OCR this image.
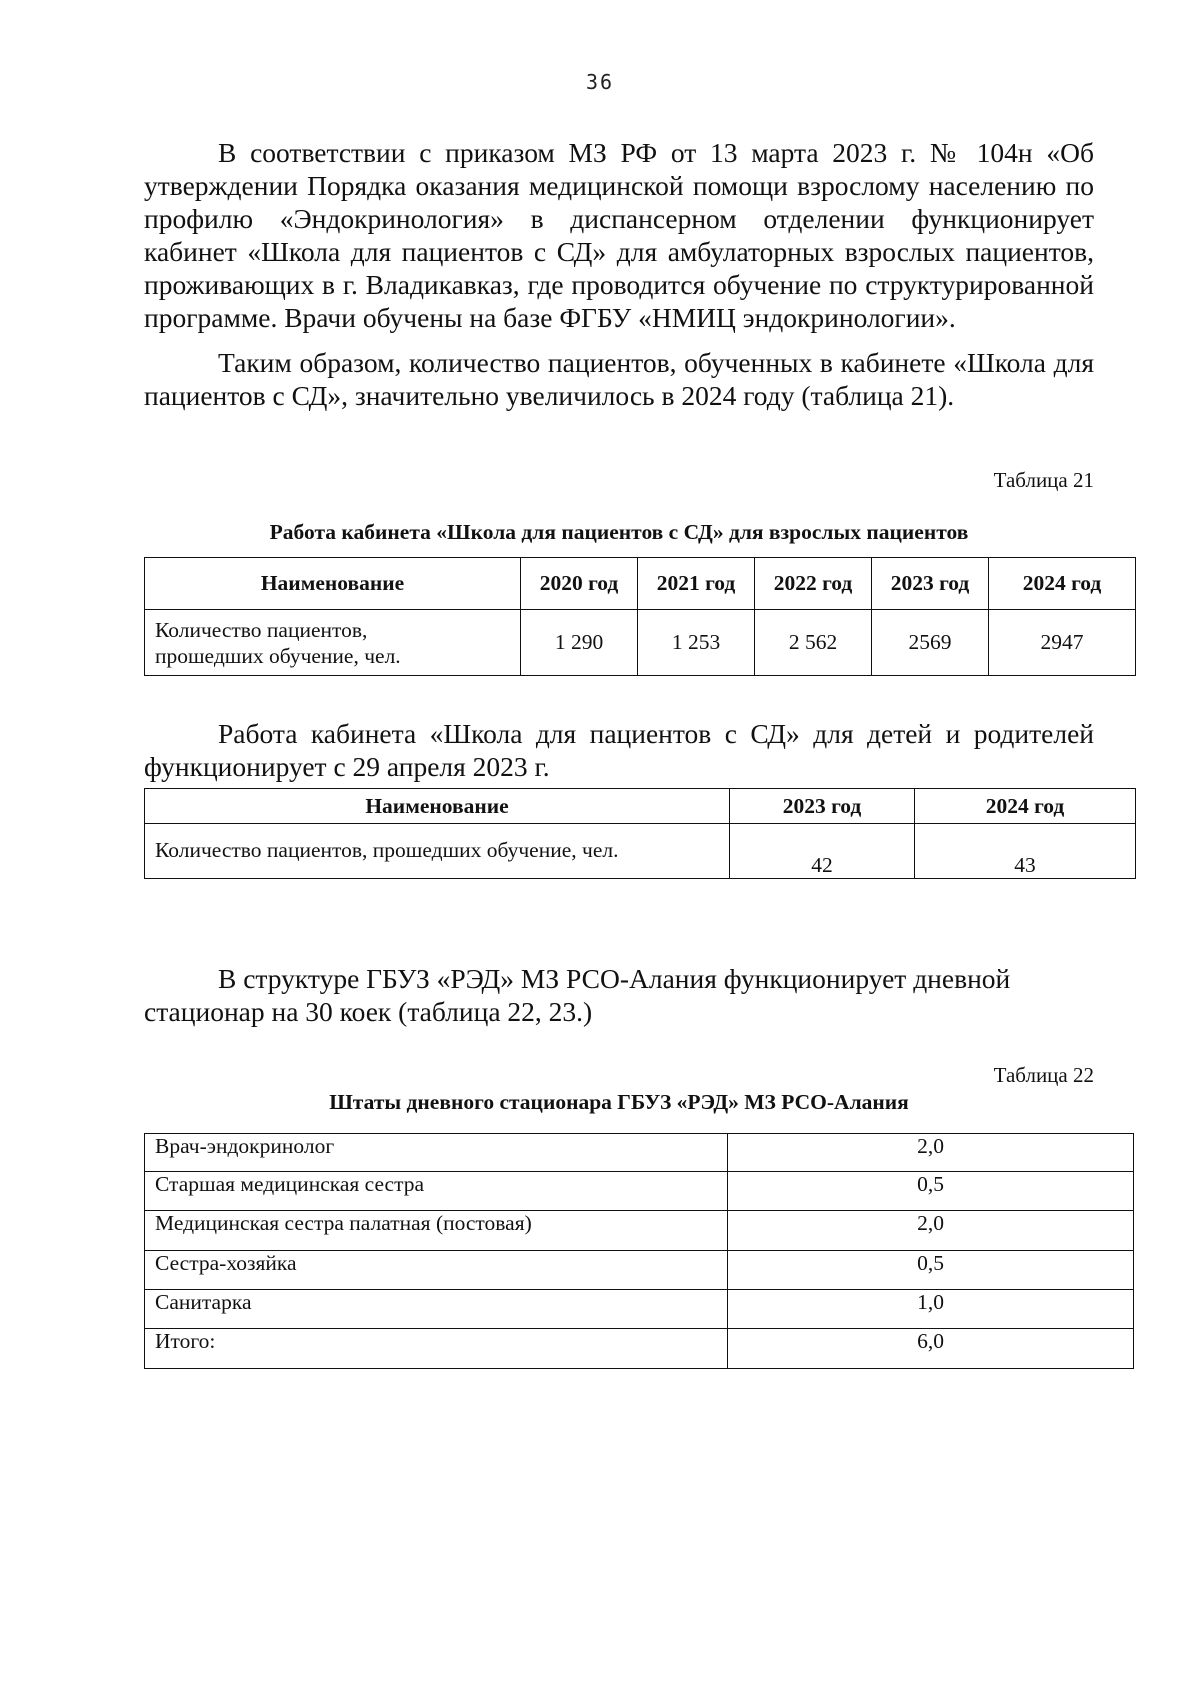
36

В соответствии с приказом МЗ РФ от 13 марта 2023 г. № 104н «Об утверждении Порядка оказания медицинской помощи взрослому населению по профилю «Эндокринология» в диспансерном отделении функционирует кабинет «Школа для пациентов с СД» для амбулаторных взрослых пациентов, проживающих в г. Владикавказ, где проводится обучение по структурированной программе. Врачи обучены на базе ФГБУ «НМИЦ эндокринологии».

Таким образом, количество пациентов, обученных в кабинете «Школа для пациентов с СД», значительно увеличилось в 2024 году (таблица 21).

Таблица 21
Работа кабинета «Школа для пациентов с СД» для взрослых пациентов
Наименование	2020 год	2021 год	2022 год	2023 год	2024 год

Количество пациентов,
прошедших обучение, чел.	1 290	1 253	2 562	2569	2947

Работа кабинета «Школа для пациентов с СД» для детей и родителей функционирует с 29 апреля 2023 г.

Наименование	2023 год	2024 год
Количество пациентов, прошедших обучение, чел.	42	43
В структуре ГБУЗ «РЭД» МЗ РСО-Алания функционирует дневной
стационар на 30 коек (таблица 22, 23.)
Таблица 22
Штаты дневного стационара ГБУЗ «РЭД» МЗ РСО-Алания
Врач-эндокринолог	2,0
Старшая медицинская сестра	0,5
Медицинская сестра палатная (постовая)	2,0
Сестра-хозяйка	0,5
Санитарка	1,0
Итого:	6,0
